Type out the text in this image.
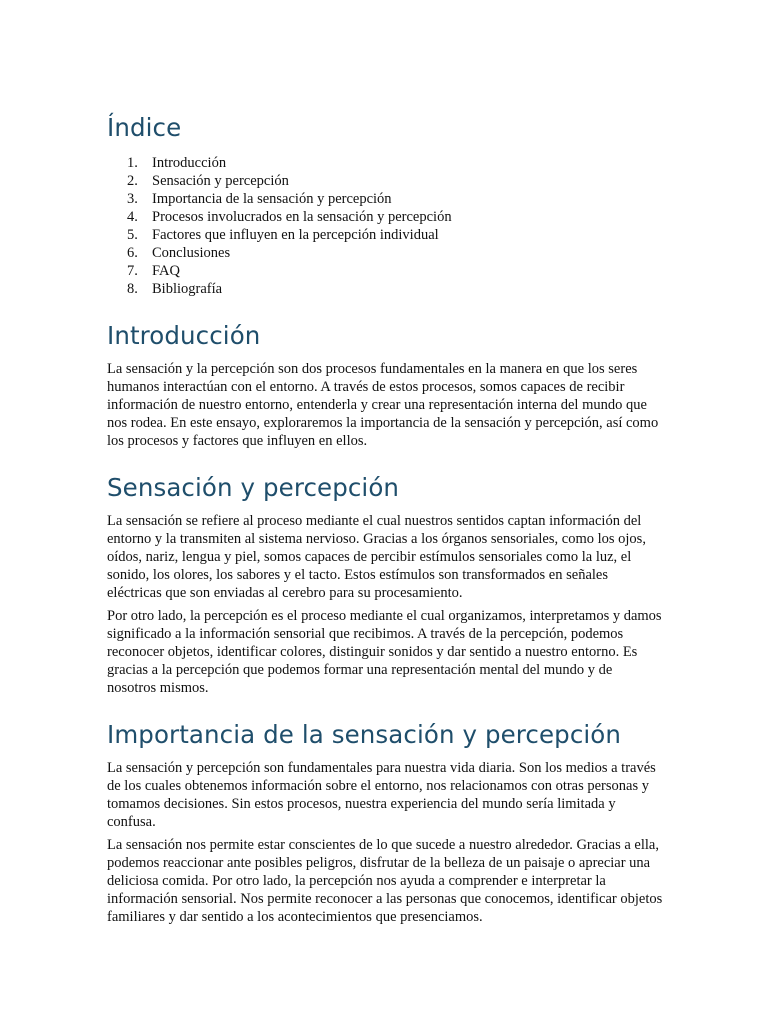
Índice
1. Introducción
2. Sensación y percepción
3. Importancia de la sensación y percepción
4. Procesos involucrados en la sensación y percepción
5. Factores que influyen en la percepción individual
6. Conclusiones
7. FAQ
8. Bibliografía
Introducción

La sensación y la percepción son dos procesos fundamentales en la manera en que los seres humanos interactúan con el entorno. A través de estos procesos, somos capaces de recibir información de nuestro entorno, entenderla y crear una representación interna del mundo que nos rodea. En este ensayo, exploraremos la importancia de la sensación y percepción, así como los procesos y factores que influyen en ellos.

Sensación y percepción

La sensación se refiere al proceso mediante el cual nuestros sentidos captan información del entorno y la transmiten al sistema nervioso. Gracias a los órganos sensoriales, como los ojos, oídos, nariz, lengua y piel, somos capaces de percibir estímulos sensoriales como la luz, el sonido, los olores, los sabores y el tacto. Estos estímulos son transformados en señales eléctricas que son enviadas al cerebro para su procesamiento.

Por otro lado, la percepción es el proceso mediante el cual organizamos, interpretamos y damos significado a la información sensorial que recibimos. A través de la percepción, podemos reconocer objetos, identificar colores, distinguir sonidos y dar sentido a nuestro entorno. Es gracias a la percepción que podemos formar una representación mental del mundo y de nosotros mismos.

Importancia de la sensación y percepción

La sensación y percepción son fundamentales para nuestra vida diaria. Son los medios a través de los cuales obtenemos información sobre el entorno, nos relacionamos con otras personas y tomamos decisiones. Sin estos procesos, nuestra experiencia del mundo sería limitada y confusa.

La sensación nos permite estar conscientes de lo que sucede a nuestro alrededor. Gracias a ella, podemos reaccionar ante posibles peligros, disfrutar de la belleza de un paisaje o apreciar una deliciosa comida. Por otro lado, la percepción nos ayuda a comprender e interpretar la información sensorial. Nos permite reconocer a las personas que conocemos, identificar objetos familiares y dar sentido a los acontecimientos que presenciamos.
